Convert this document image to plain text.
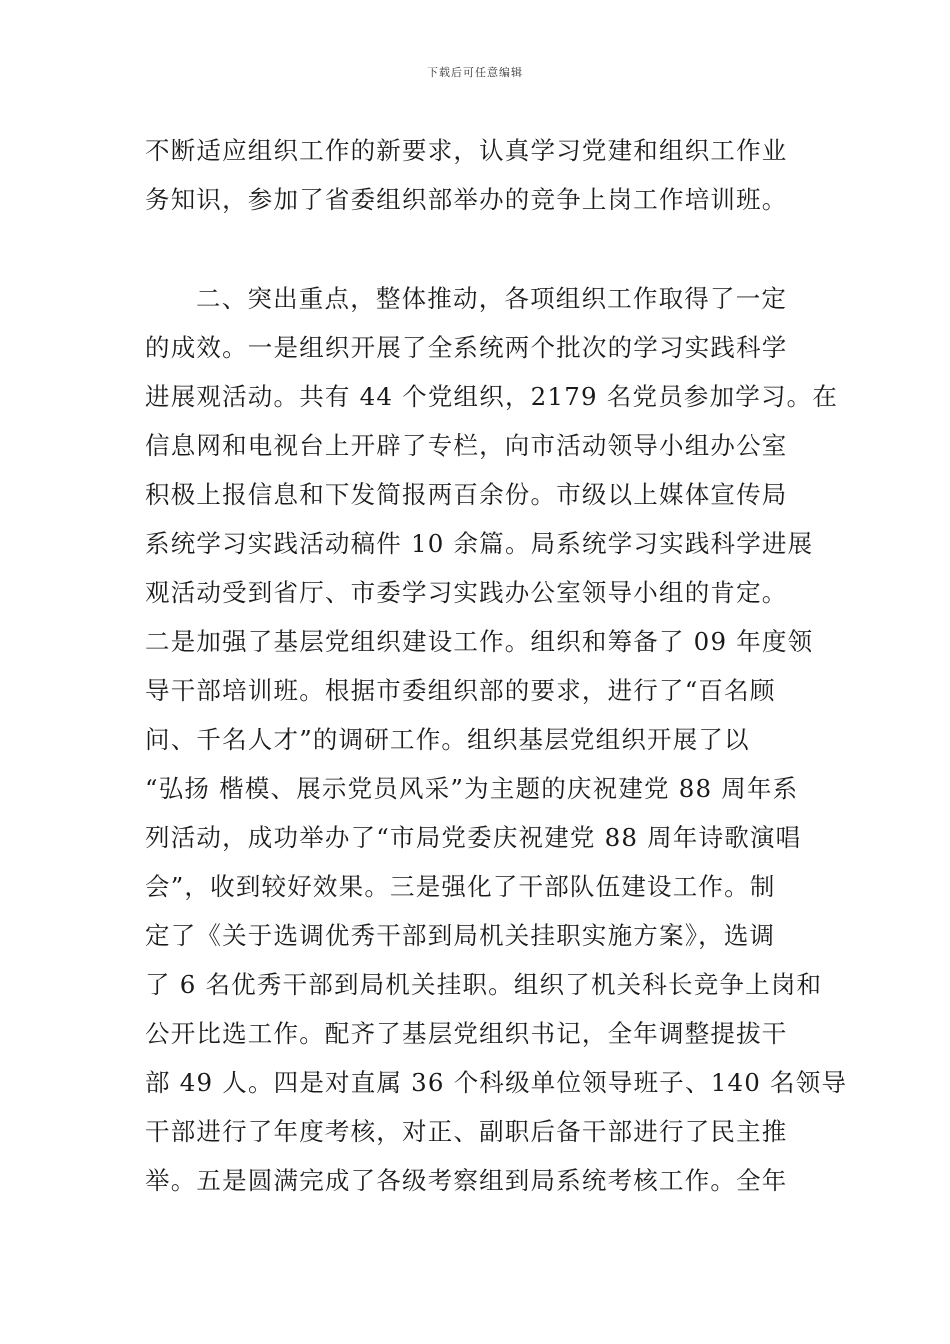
下载后可任意编辑
不断适应组织工作的新要求，认真学习党建和组织工作业
务知识，参加了省委组织部举办的竞争上岗工作培训班。
二、突出重点，整体推动，各项组织工作取得了一定
的成效。一是组织开展了全系统两个批次的学习实践科学
进展观活动。共有 44 个党组织，2179 名党员参加学习。在
信息网和电视台上开辟了专栏，向市活动领导小组办公室
积极上报信息和下发简报两百余份。市级以上媒体宣传局
系统学习实践活动稿件 10 余篇。局系统学习实践科学进展
观活动受到省厅、市委学习实践办公室领导小组的肯定。
二是加强了基层党组织建设工作。组织和筹备了 09 年度领
导干部培训班。根据市委组织部的要求，进行了“百名顾
问、千名人才”的调研工作。组织基层党组织开展了以
“弘扬 楷模、展示党员风采”为主题的庆祝建党 88 周年系
列活动，成功举办了“市局党委庆祝建党 88 周年诗歌演唱
会”，收到较好效果。三是强化了干部队伍建设工作。制
定了《关于选调优秀干部到局机关挂职实施方案》，选调
了 6 名优秀干部到局机关挂职。组织了机关科长竞争上岗和
公开比选工作。配齐了基层党组织书记，全年调整提拔干
部 49 人。四是对直属 36 个科级单位领导班子、140 名领导
干部进行了年度考核，对正、副职后备干部进行了民主推
举。五是圆满完成了各级考察组到局系统考核工作。全年
